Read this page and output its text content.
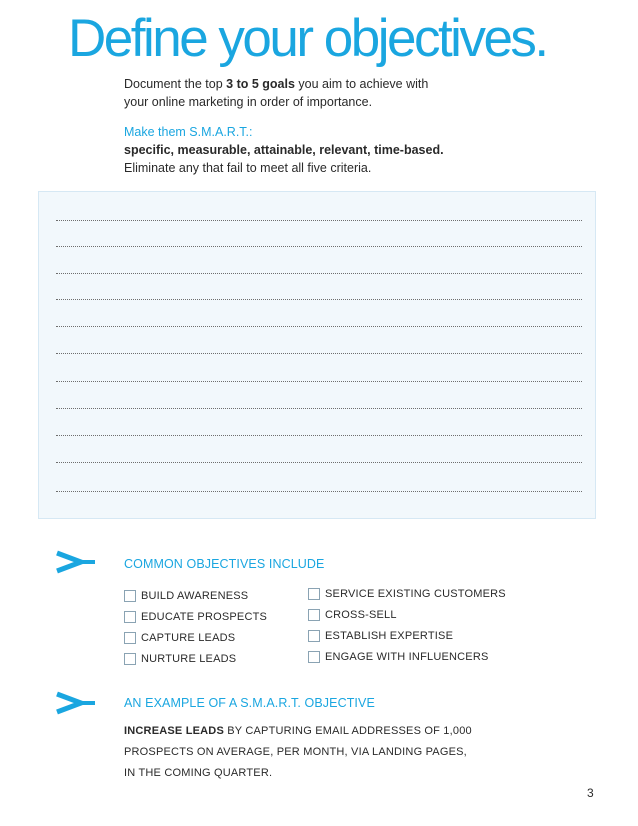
Define your objectives.

Document the top 3 to 5 goals you aim to achieve with

your online marketing in order of importance.

Make them S.M.A.R.T.:

specific, measurable, attainable, relevant, time-based.

Eliminate any that fail to meet all five criteria.

COMMON OBJECTIVES INCLUDE
BUILD AWARENESS
EDUCATE PROSPECTS
CAPTURE LEADS
NURTURE LEADS
SERVICE EXISTING CUSTOMERS
CROSS-SELL
ESTABLISH EXPERTISE
ENGAGE WITH INFLUENCERS
AN EXAMPLE OF A S.M.A.R.T. OBJECTIVE
INCREASE LEADS BY CAPTURING EMAIL ADDRESSES OF 1,000
PROSPECTS ON AVERAGE, PER MONTH, VIA LANDING PAGES,
IN THE COMING QUARTER.
3
